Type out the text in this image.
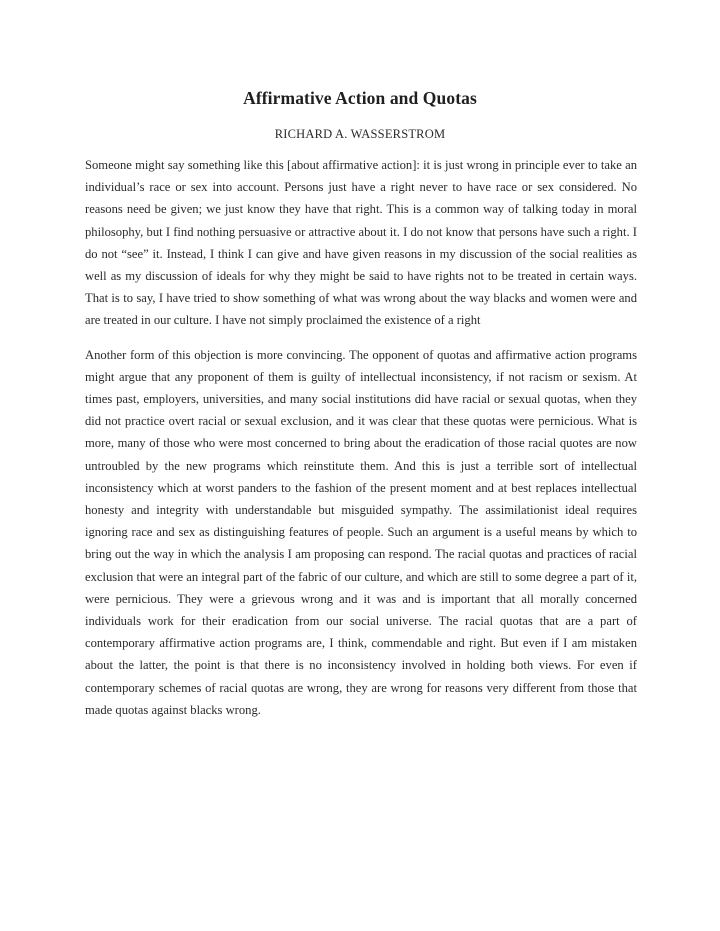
Affirmative Action and Quotas
RICHARD A. WASSERSTROM

Someone might say something like this [about affirmative action]: it is just wrong in principle ever to take an individual’s race or sex into account. Persons just have a right never to have race or sex considered. No reasons need be given; we just know they have that right. This is a common way of talking today in moral philosophy, but I find nothing persuasive or attractive about it. I do not know that persons have such a right. I do not “see” it. Instead, I think I can give and have given reasons in my discussion of the social realities as well as my discussion of ideals for why they might be said to have rights not to be treated in certain ways. That is to say, I have tried to show something of what was wrong about the way blacks and women were and are treated in our culture. I have not simply proclaimed the existence of a right

Another form of this objection is more convincing. The opponent of quotas and affirmative action programs might argue that any proponent of them is guilty of intellectual inconsistency, if not racism or sexism. At times past, employers, universities, and many social institutions did have racial or sexual quotas, when they did not practice overt racial or sexual exclusion, and it was clear that these quotas were pernicious. What is more, many of those who were most concerned to bring about the eradication of those racial quotes are now untroubled by the new programs which reinstitute them. And this is just a terrible sort of intellectual inconsistency which at worst panders to the fashion of the present moment and at best replaces intellectual honesty and integrity with understandable but misguided sympathy. The assimilationist ideal requires ignoring race and sex as distinguishing features of people. Such an argument is a useful means by which to bring out the way in which the analysis I am proposing can respond. The racial quotas and practices of racial exclusion that were an integral part of the fabric of our culture, and which are still to some degree a part of it, were pernicious. They were a grievous wrong and it was and is important that all morally concerned individuals work for their eradication from our social universe. The racial quotas that are a part of contemporary affirmative action programs are, I think, commendable and right. But even if I am mistaken about the latter, the point is that there is no inconsistency involved in holding both views. For even if contemporary schemes of racial quotas are wrong, they are wrong for reasons very different from those that made quotas against blacks wrong.
